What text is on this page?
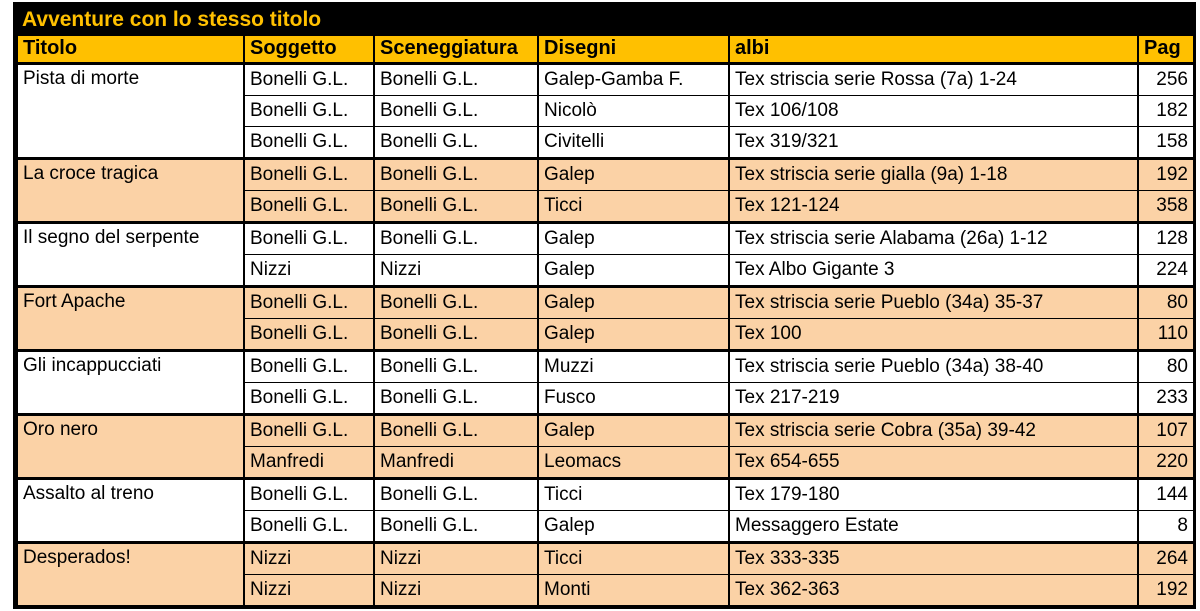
Avventure con lo stesso titolo
Titolo	Soggetto	Sceneggiatura	Disegni	albi	Pag
Pista di morte	Bonelli G.L.	Bonelli G.L.	Galep-Gamba F.	Tex striscia serie Rossa (7a) 1-24	256
	Bonelli G.L.	Bonelli G.L.	Nicolò	Tex 106/108	182
	Bonelli G.L.	Bonelli G.L.	Civitelli	Tex 319/321	158
La croce tragica	Bonelli G.L.	Bonelli G.L.	Galep	Tex striscia serie gialla (9a) 1-18	192
	Bonelli G.L.	Bonelli G.L.	Ticci	Tex 121-124	358
Il segno del serpente	Bonelli G.L.	Bonelli G.L.	Galep	Tex striscia serie Alabama (26a) 1-12	128
	Nizzi	Nizzi	Galep	Tex Albo Gigante 3	224
Fort Apache	Bonelli G.L.	Bonelli G.L.	Galep	Tex striscia serie Pueblo (34a) 35-37	80
	Bonelli G.L.	Bonelli G.L.	Galep	Tex 100	110
Gli incappucciati	Bonelli G.L.	Bonelli G.L.	Muzzi	Tex striscia serie Pueblo (34a) 38-40	80
	Bonelli G.L.	Bonelli G.L.	Fusco	Tex 217-219	233
Oro nero	Bonelli G.L.	Bonelli G.L.	Galep	Tex striscia serie Cobra (35a) 39-42	107
	Manfredi	Manfredi	Leomacs	Tex 654-655	220
Assalto al treno	Bonelli G.L.	Bonelli G.L.	Ticci	Tex 179-180	144
	Bonelli G.L.	Bonelli G.L.	Galep	Messaggero Estate	8
Desperados!	Nizzi	Nizzi	Ticci	Tex 333-335	264
	Nizzi	Nizzi	Monti	Tex 362-363	192
